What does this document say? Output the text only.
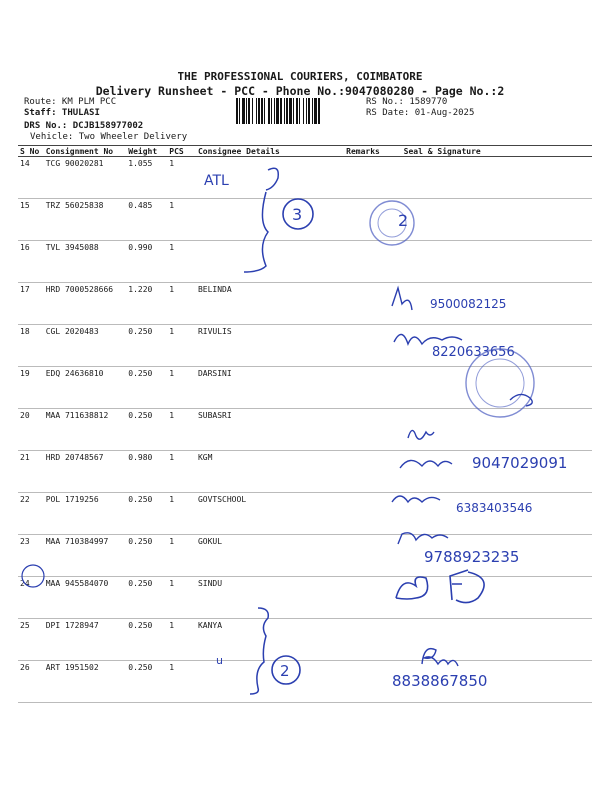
THE PROFESSIONAL COURIERS, COIMBATORE
Delivery Runsheet - PCC - Phone No.:9047080280 - Page No.:2
Route: KM PLM PCC
Staff: THULASI
DRS No.: DCJB158977002
Vehicle: Two Wheeler Delivery
RS No.: 1589770
RS Date: 01-Aug-2025
S No	Consignment No	Weight	PCS	Consignee Details	Remarks	Seal & Signature
14	TCG 90020281	1.055	1			
15	TRZ 56025838	0.485	1			
16	TVL 3945088	0.990	1			
17	HRD 7000528666	1.220	1	BELINDA		
18	CGL 2020483	0.250	1	RIVULIS		
19	EDQ 24636810	0.250	1	DARSINI		
20	MAA 711638812	0.250	1	SUBASRI		
21	HRD 20748567	0.980	1	KGM		
22	POL 1719256	0.250	1	GOVTSCHOOL		
23	MAA 710384997	0.250	1	GOKUL		
24	MAA 945584070	0.250	1	SINDU		
25	DPI 1728947	0.250	1	KANYA		
26	ART 1951502	0.250	1			
ATL
3	2
9500082125
8220633656
9047029091
6383403546
9788923235
u
2
8838867850
